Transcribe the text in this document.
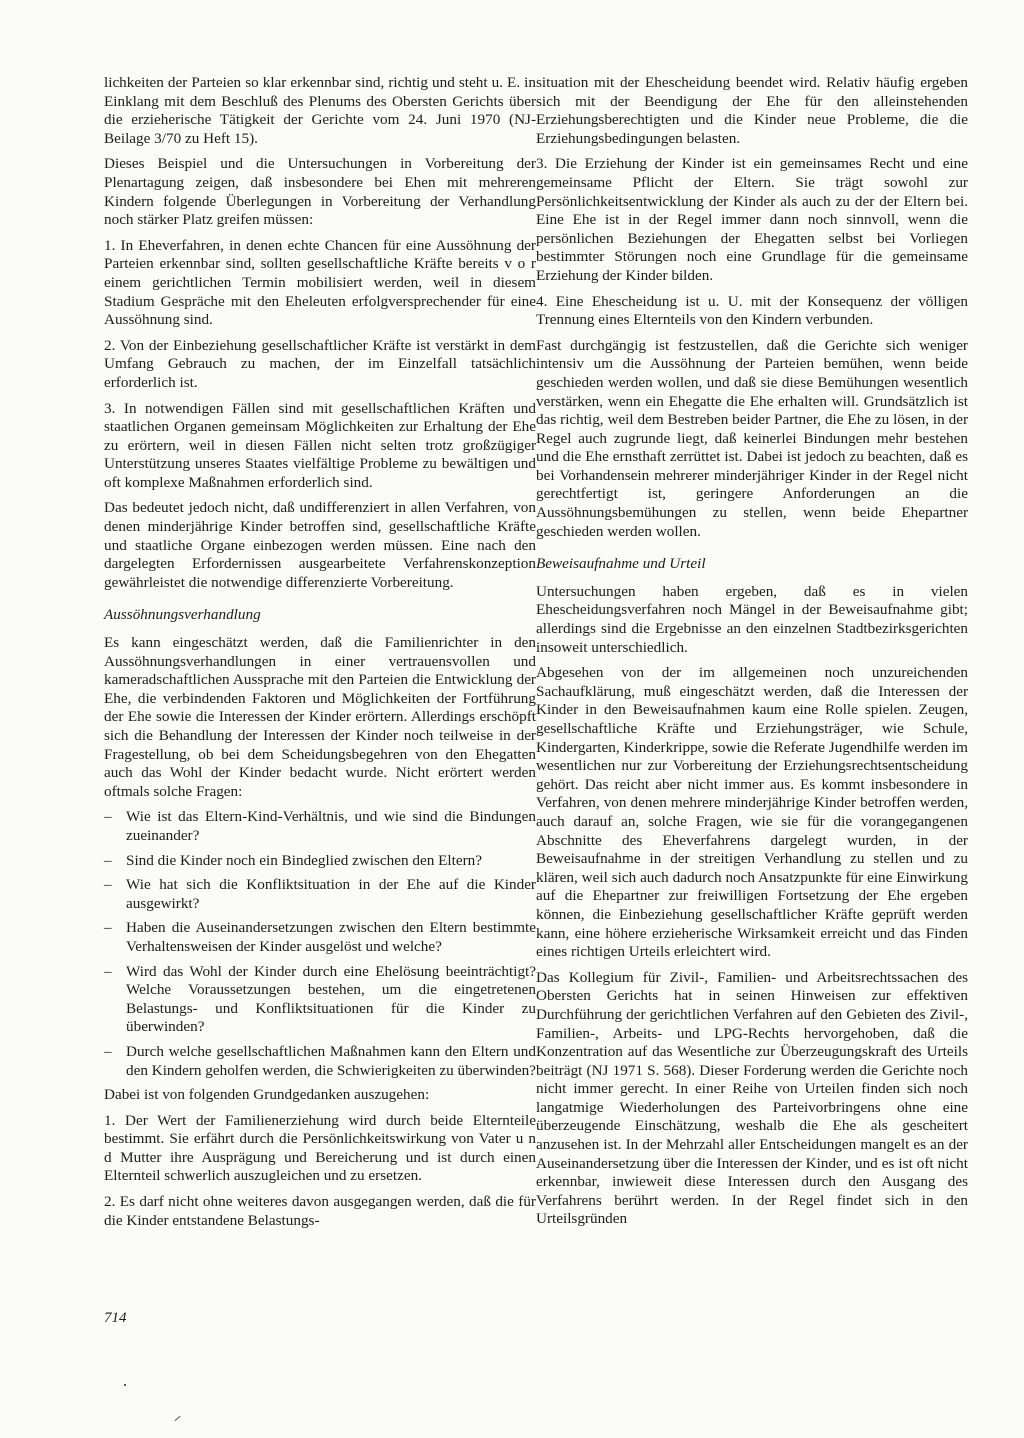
lichkeiten der Parteien so klar erkennbar sind, richtig und steht u. E. in Einklang mit dem Beschluß des Plenums des Obersten Gerichts über die erzieherische Tätigkeit der Gerichte vom 24. Juni 1970 (NJ-Beilage 3/70 zu Heft 15).

Dieses Beispiel und die Untersuchungen in Vorbereitung der Plenartagung zeigen, daß insbesondere bei Ehen mit mehreren Kindern folgende Überlegungen in Vorbereitung der Verhandlung noch stärker Platz greifen müssen:

1. In Eheverfahren, in denen echte Chancen für eine Aussöhnung der Parteien erkennbar sind, sollten gesellschaftliche Kräfte bereits v o r einem gerichtlichen Termin mobilisiert werden, weil in diesem Stadium Gespräche mit den Eheleuten erfolgversprechender für eine Aussöhnung sind.

2. Von der Einbeziehung gesellschaftlicher Kräfte ist verstärkt in dem Umfang Gebrauch zu machen, der im Einzelfall tatsächlich erforderlich ist.

3. In notwendigen Fällen sind mit gesellschaftlichen Kräften und staatlichen Organen gemeinsam Möglichkeiten zur Erhaltung der Ehe zu erörtern, weil in diesen Fällen nicht selten trotz großzügiger Unterstützung unseres Staates vielfältige Probleme zu bewältigen und oft komplexe Maßnahmen erforderlich sind.

Das bedeutet jedoch nicht, daß undifferenziert in allen Verfahren, von denen minderjährige Kinder betroffen sind, gesellschaftliche Kräfte und staatliche Organe einbezogen werden müssen. Eine nach den dargelegten Erfordernissen ausgearbeitete Verfahrenskonzeption gewährleistet die notwendige differenzierte Vorbereitung.

Aussöhnungsverhandlung

Es kann eingeschätzt werden, daß die Familienrichter in den Aussöhnungsverhandlungen in einer vertrauensvollen und kameradschaftlichen Aussprache mit den Parteien die Entwicklung der Ehe, die verbindenden Faktoren und Möglichkeiten der Fortführung der Ehe sowie die Interessen der Kinder erörtern. Allerdings erschöpft sich die Behandlung der Interessen der Kinder noch teilweise in der Fragestellung, ob bei dem Scheidungsbegehren von den Ehegatten auch das Wohl der Kinder bedacht wurde. Nicht erörtert werden oftmals solche Fragen:

– Wie ist das Eltern-Kind-Verhältnis, und wie sind die Bindungen zueinander?
– Sind die Kinder noch ein Bindeglied zwischen den Eltern?
– Wie hat sich die Konfliktsituation in der Ehe auf die Kinder ausgewirkt?
– Haben die Auseinandersetzungen zwischen den Eltern bestimmte Verhaltensweisen der Kinder ausgelöst und welche?
– Wird das Wohl der Kinder durch eine Ehelösung beeinträchtigt? Welche Voraussetzungen bestehen, um die eingetretenen Belastungs- und Konfliktsituationen für die Kinder zu überwinden?
– Durch welche gesellschaftlichen Maßnahmen kann den Eltern und den Kindern geholfen werden, die Schwierigkeiten zu überwinden?

Dabei ist von folgenden Grundgedanken auszugehen:

1. Der Wert der Familienerziehung wird durch beide Elternteile bestimmt. Sie erfährt durch die Persönlichkeitswirkung von Vater u n d Mutter ihre Ausprägung und Bereicherung und ist durch einen Elternteil schwerlich auszugleichen und zu ersetzen.

2. Es darf nicht ohne weiteres davon ausgegangen werden, daß die für die Kinder entstandene Belastungs-

situation mit der Ehescheidung beendet wird. Relativ häufig ergeben sich mit der Beendigung der Ehe für den alleinstehenden Erziehungsberechtigten und die Kinder neue Probleme, die die Erziehungsbedingungen belasten.

3. Die Erziehung der Kinder ist ein gemeinsames Recht und eine gemeinsame Pflicht der Eltern. Sie trägt sowohl zur Persönlichkeitsentwicklung der Kinder als auch zu der der Eltern bei. Eine Ehe ist in der Regel immer dann noch sinnvoll, wenn die persönlichen Beziehungen der Ehegatten selbst bei Vorliegen bestimmter Störungen noch eine Grundlage für die gemeinsame Erziehung der Kinder bilden.

4. Eine Ehescheidung ist u. U. mit der Konsequenz der völligen Trennung eines Elternteils von den Kindern verbunden.

Fast durchgängig ist festzustellen, daß die Gerichte sich weniger intensiv um die Aussöhnung der Parteien bemühen, wenn beide geschieden werden wollen, und daß sie diese Bemühungen wesentlich verstärken, wenn ein Ehegatte die Ehe erhalten will. Grundsätzlich ist das richtig, weil dem Bestreben beider Partner, die Ehe zu lösen, in der Regel auch zugrunde liegt, daß keinerlei Bindungen mehr bestehen und die Ehe ernsthaft zerrüttet ist. Dabei ist jedoch zu beachten, daß es bei Vorhandensein mehrerer minderjähriger Kinder in der Regel nicht gerechtfertigt ist, geringere Anforderungen an die Aussöhnungsbemühungen zu stellen, wenn beide Ehepartner geschieden werden wollen.

Beweisaufnahme und Urteil

Untersuchungen haben ergeben, daß es in vielen Ehescheidungsverfahren noch Mängel in der Beweisaufnahme gibt; allerdings sind die Ergebnisse an den einzelnen Stadtbezirksgerichten insoweit unterschiedlich.

Abgesehen von der im allgemeinen noch unzureichenden Sachaufklärung, muß eingeschätzt werden, daß die Interessen der Kinder in den Beweisaufnahmen kaum eine Rolle spielen. Zeugen, gesellschaftliche Kräfte und Erziehungsträger, wie Schule, Kindergarten, Kinderkrippe, sowie die Referate Jugendhilfe werden im wesentlichen nur zur Vorbereitung der Erziehungsrechtsentscheidung gehört. Das reicht aber nicht immer aus. Es kommt insbesondere in Verfahren, von denen mehrere minderjährige Kinder betroffen werden, auch darauf an, solche Fragen, wie sie für die vorangegangenen Abschnitte des Eheverfahrens dargelegt wurden, in der Beweisaufnahme in der streitigen Verhandlung zu stellen und zu klären, weil sich auch dadurch noch Ansatzpunkte für eine Einwirkung auf die Ehepartner zur freiwilligen Fortsetzung der Ehe ergeben können, die Einbeziehung gesellschaftlicher Kräfte geprüft werden kann, eine höhere erzieherische Wirksamkeit erreicht und das Finden eines richtigen Urteils erleichtert wird.

Das Kollegium für Zivil-, Familien- und Arbeitsrechtssachen des Obersten Gerichts hat in seinen Hinweisen zur effektiven Durchführung der gerichtlichen Verfahren auf den Gebieten des Zivil-, Familien-, Arbeits- und LPG-Rechts hervorgehoben, daß die Konzentration auf das Wesentliche zur Überzeugungskraft des Urteils beiträgt (NJ 1971 S. 568). Dieser Forderung werden die Gerichte noch nicht immer gerecht. In einer Reihe von Urteilen finden sich noch langatmige Wiederholungen des Parteivorbringens ohne eine überzeugende Einschätzung, weshalb die Ehe als gescheitert anzusehen ist. In der Mehrzahl aller Entscheidungen mangelt es an der Auseinandersetzung über die Interessen der Kinder, und es ist oft nicht erkennbar, inwieweit diese Interessen durch den Ausgang des Verfahrens berührt werden. In der Regel findet sich in den Urteilsgründen

714
